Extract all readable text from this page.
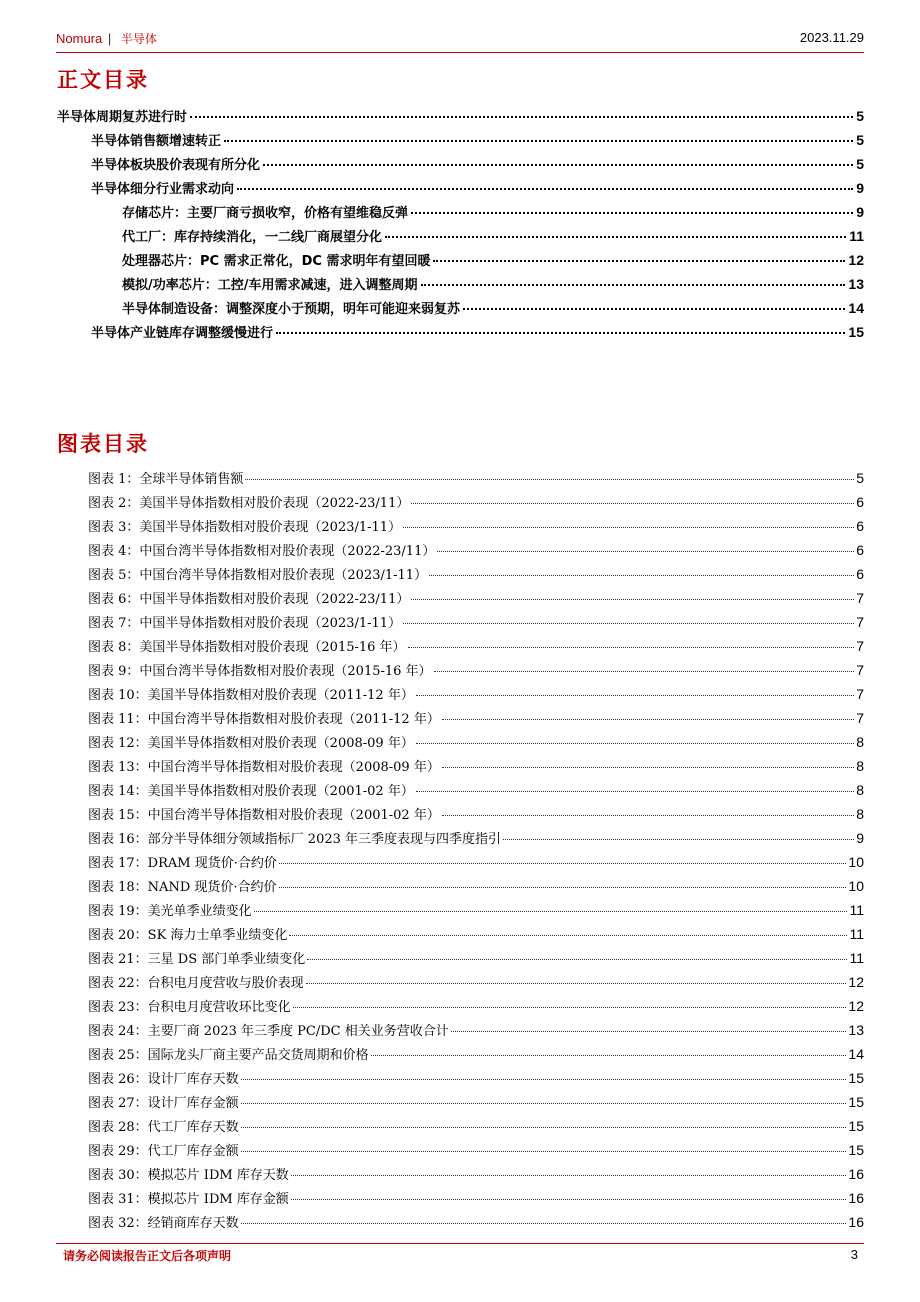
Nomura | 半导体	2023.11.29
正文目录
半导体周期复苏进行时	5
半导体销售额增速转正	5
半导体板块股价表现有所分化	5
半导体细分行业需求动向	9
存储芯片：主要厂商亏损收窄，价格有望维稳反弹	9
代工厂：库存持续消化，一二线厂商展望分化	11
处理器芯片：PC 需求正常化，DC 需求明年有望回暖	12
模拟/功率芯片：工控/车用需求减速，进入调整周期	13
半导体制造设备：调整深度小于预期，明年可能迎来弱复苏	14
半导体产业链库存调整缓慢进行	15
图表目录
图表 1：全球半导体销售额	5
图表 2：美国半导体指数相对股价表现（2022-23/11）	6
图表 3：美国半导体指数相对股价表现（2023/1-11）	6
图表 4：中国台湾半导体指数相对股价表现（2022-23/11）	6
图表 5：中国台湾半导体指数相对股价表现（2023/1-11）	6
图表 6：中国半导体指数相对股价表现（2022-23/11）	7
图表 7：中国半导体指数相对股价表现（2023/1-11）	7
图表 8：美国半导体指数相对股价表现（2015-16 年）	7
图表 9：中国台湾半导体指数相对股价表现（2015-16 年）	7
图表 10：美国半导体指数相对股价表现（2011-12 年）	7
图表 11：中国台湾半导体指数相对股价表现（2011-12 年）	7
图表 12：美国半导体指数相对股价表现（2008-09 年）	8
图表 13：中国台湾半导体指数相对股价表现（2008-09 年）	8
图表 14：美国半导体指数相对股价表现（2001-02 年）	8
图表 15：中国台湾半导体指数相对股价表现（2001-02 年）	8
图表 16：部分半导体细分领域指标厂 2023 年三季度表现与四季度指引	9
图表 17：DRAM 现货价·合约价	10
图表 18：NAND 现货价·合约价	10
图表 19：美光单季业绩变化	11
图表 20：SK 海力士单季业绩变化	11
图表 21：三星 DS 部门单季业绩变化	11
图表 22：台积电月度营收与股价表现	12
图表 23：台积电月度营收环比变化	12
图表 24：主要厂商 2023 年三季度 PC/DC 相关业务营收合计	13
图表 25：国际龙头厂商主要产品交货周期和价格	14
图表 26：设计厂库存天数	15
图表 27：设计厂库存金额	15
图表 28：代工厂库存天数	15
图表 29：代工厂库存金额	15
图表 30：模拟芯片 IDM 库存天数	16
图表 31：模拟芯片 IDM 库存金额	16
图表 32：经销商库存天数	16
请务必阅读报告正文后各项声明	3
